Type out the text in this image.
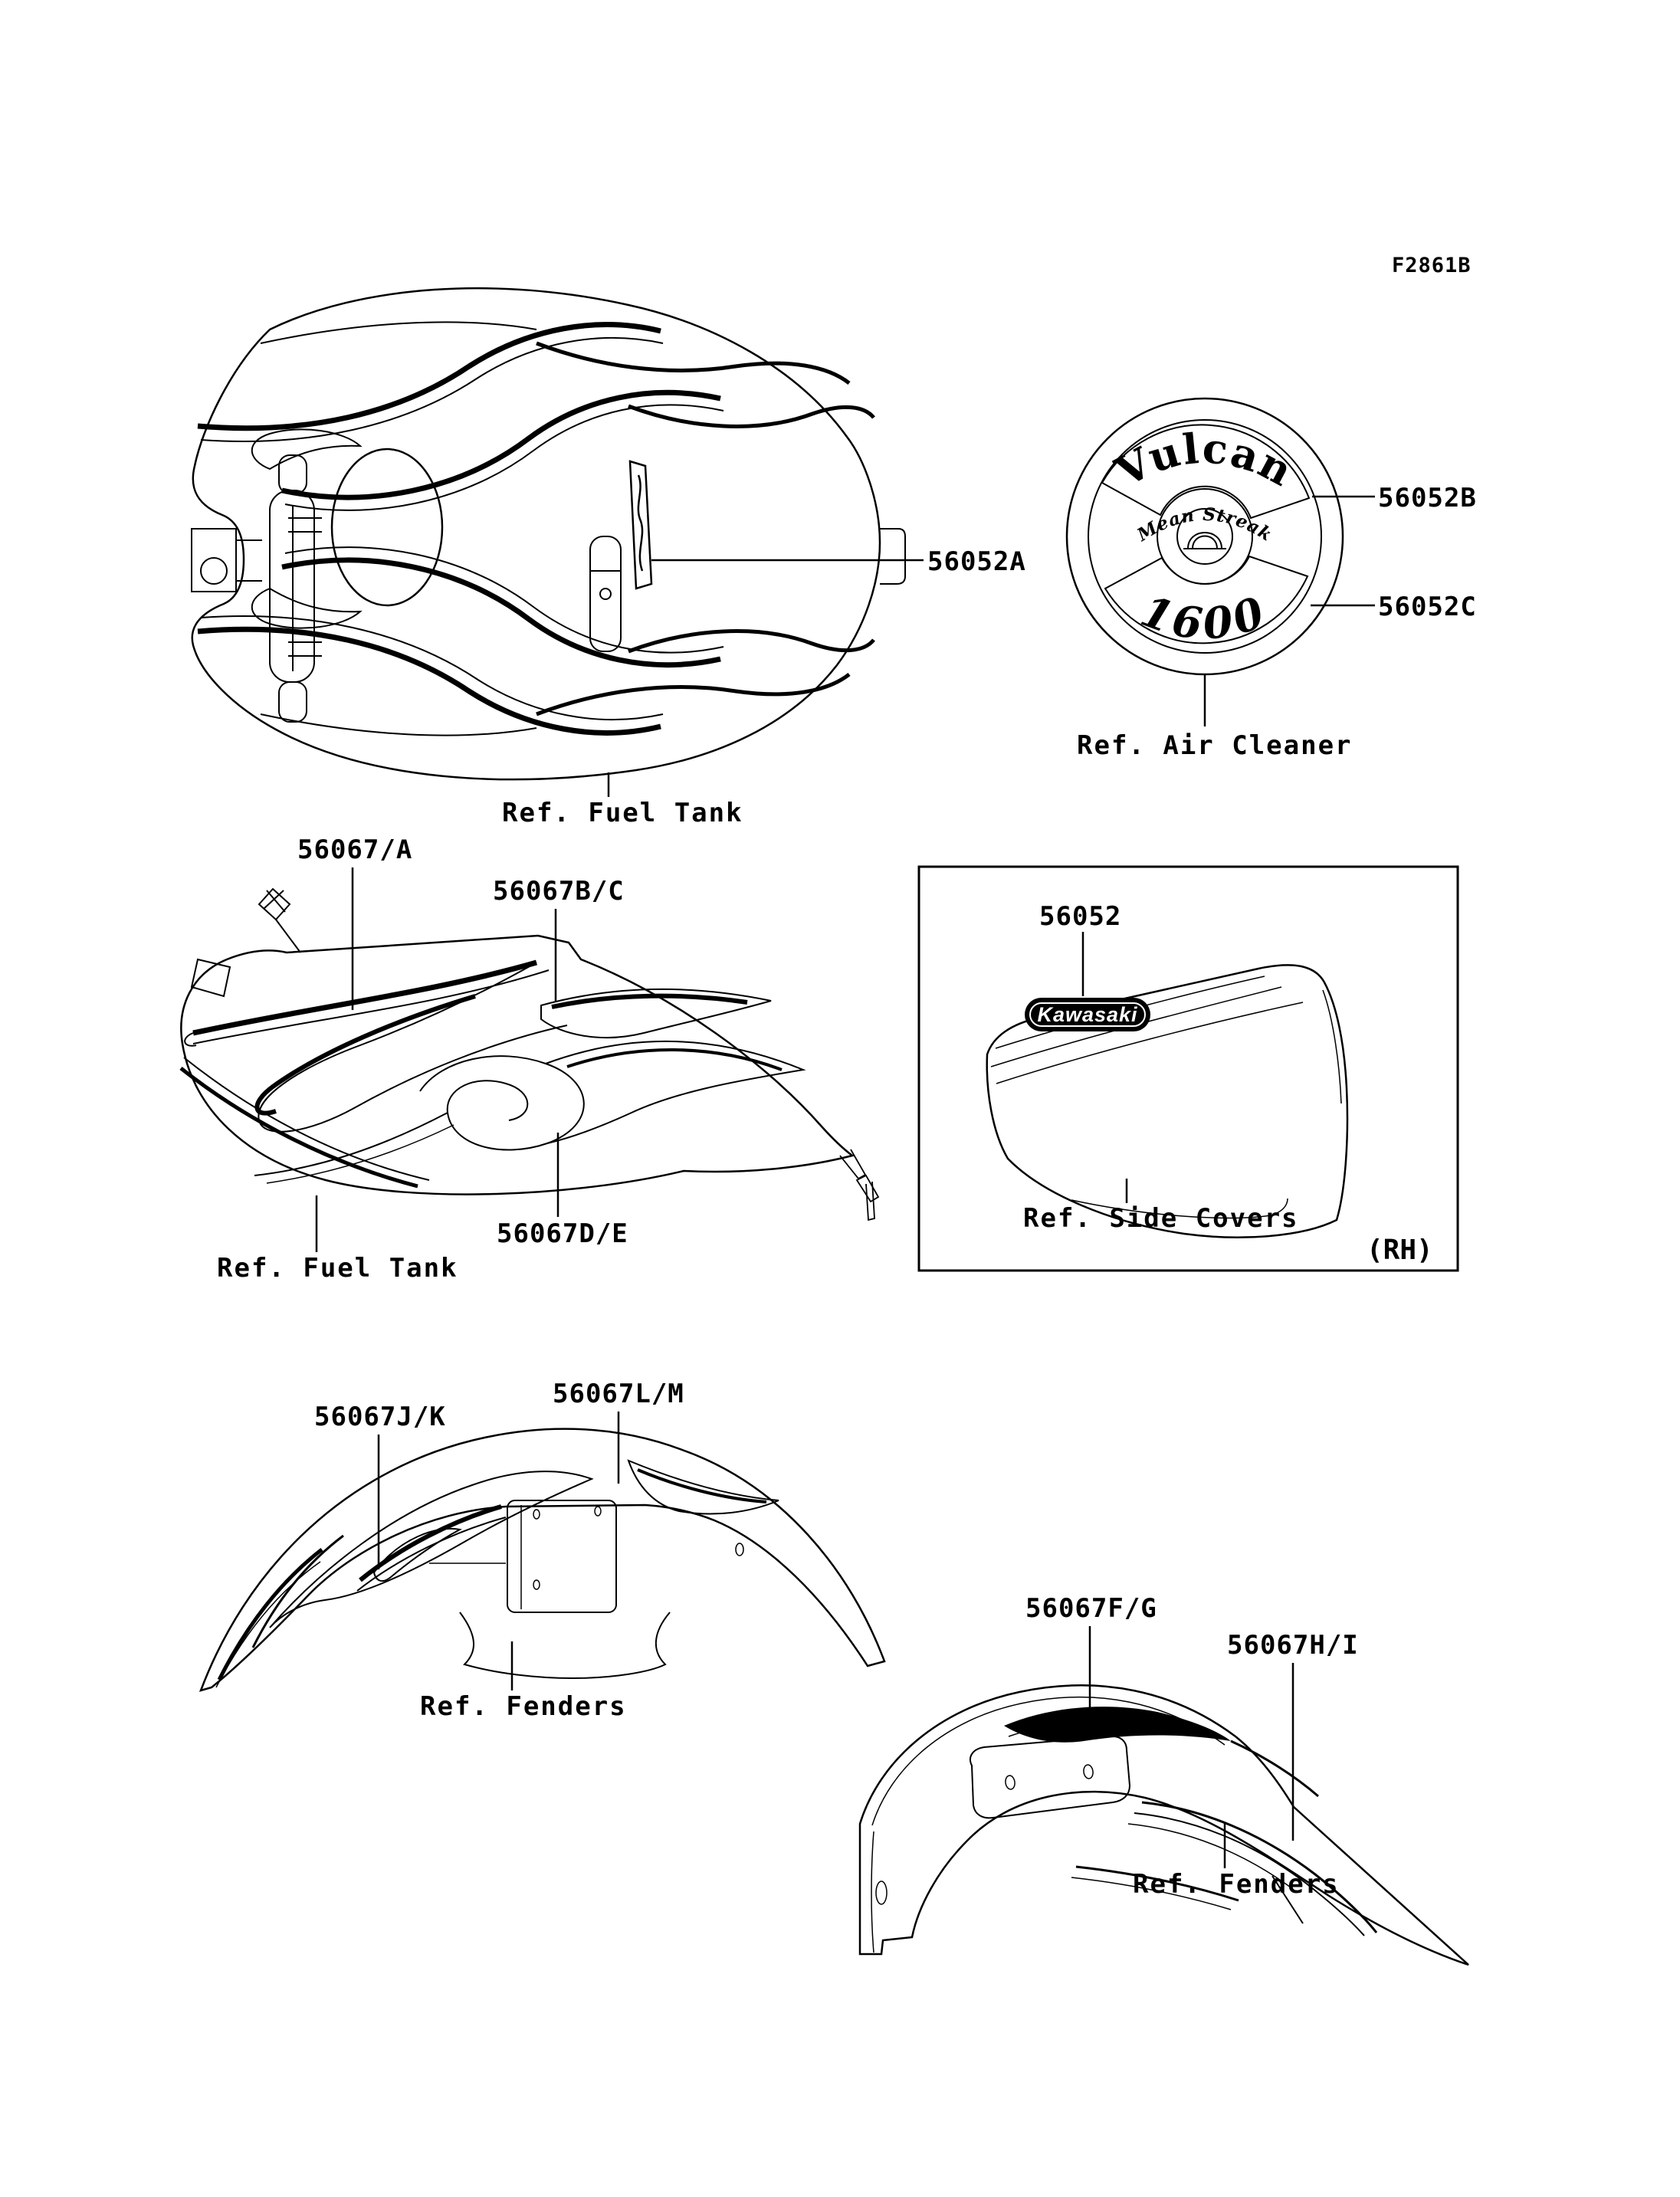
F2861B
56052A
Ref. Fuel Tank
Vulcan
Mean Streak
1600
56052B
56052C
Ref. Air Cleaner
56067/A
56067B/C
56067D/E
Ref. Fuel Tank
Kawasaki
56052
Ref. Side Covers
(RH)
56067J/K
56067L/M
Ref. Fenders
56067F/G
56067H/I
Ref. Fenders
